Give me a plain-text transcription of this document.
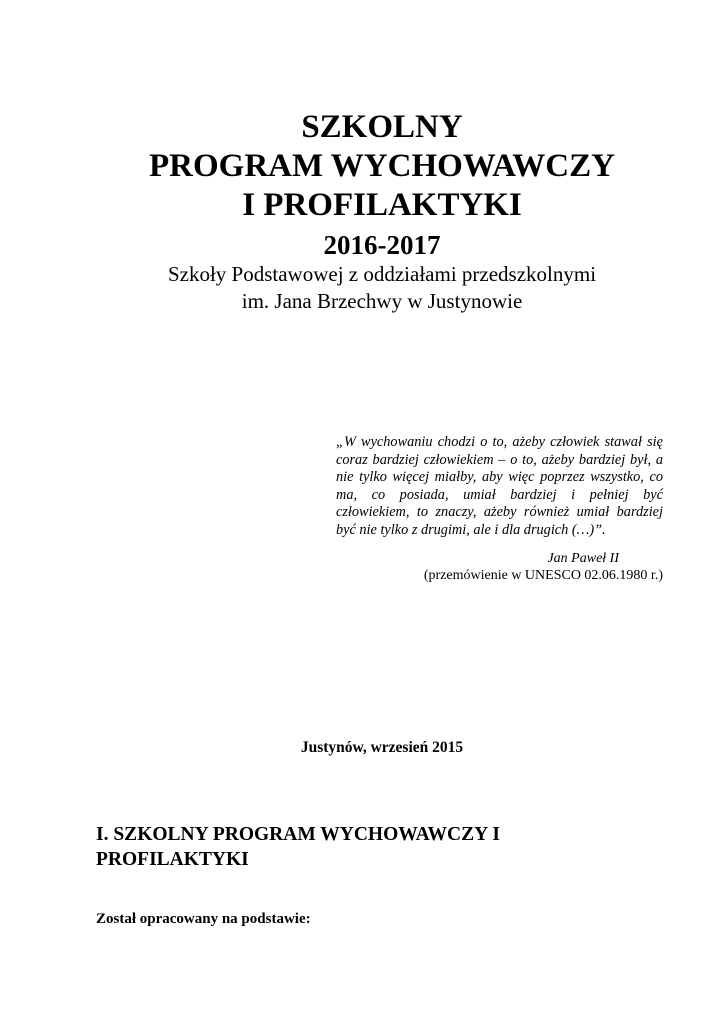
SZKOLNY

PROGRAM WYCHOWAWCZY

I PROFILAKTYKI

2016-2017

Szkoły Podstawowej z oddziałami przedszkolnymi

im. Jana Brzechwy w Justynowie

„W wychowaniu chodzi o to, ażeby człowiek stawał się coraz bardziej człowiekiem – o to, ażeby bardziej był, a nie tylko więcej miałby, aby więc poprzez wszystko, co ma, co posiada, umiał bardziej i pełniej być człowiekiem, to znaczy, ażeby również umiał bardziej być nie tylko z drugimi, ale i dla drugich (…)”.

Jan Paweł II

(przemówienie w UNESCO 02.06.1980 r.)

Justynów, wrzesień 2015

I. SZKOLNY PROGRAM WYCHOWAWCZY I PROFILAKTYKI

Został opracowany na podstawie:
